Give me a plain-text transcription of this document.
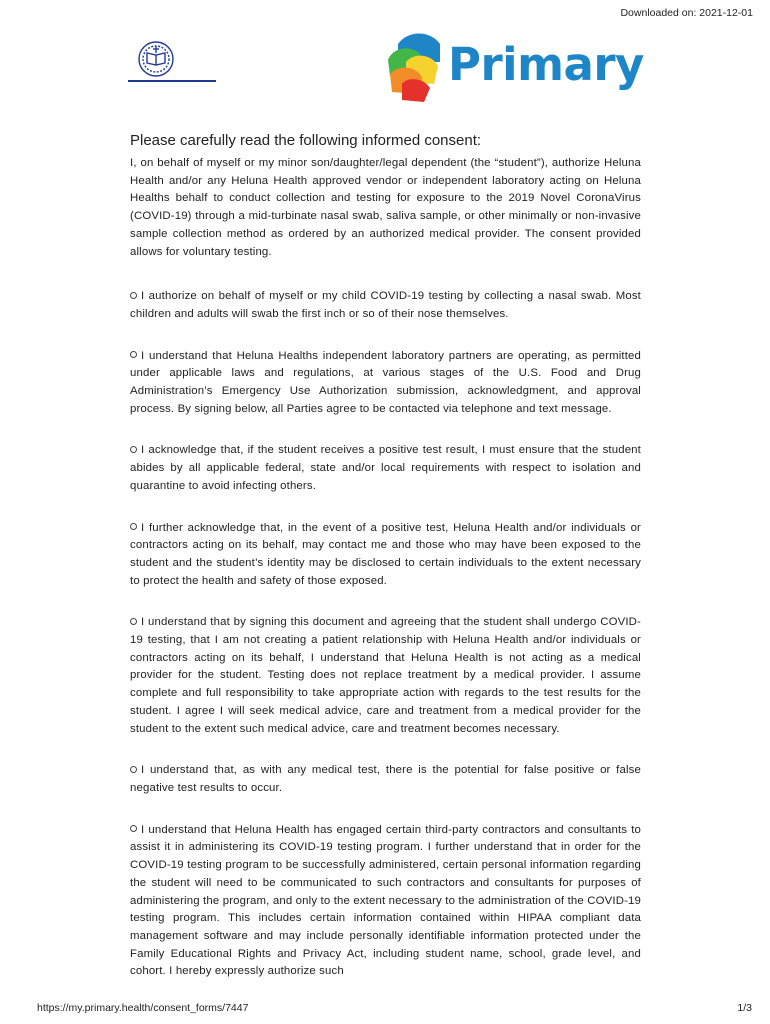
Downloaded on: 2021-12-01
Primary
Please carefully read the following informed consent:

I, on behalf of myself or my minor son/daughter/legal dependent (the “student”), authorize Heluna Health and/or any Heluna Health approved vendor or independent laboratory acting on Heluna Healths behalf to conduct collection and testing for exposure to the 2019 Novel CoronaVirus (COVID-19) through a mid-turbinate nasal swab, saliva sample, or other minimally or non-invasive sample collection method as ordered by an authorized medical provider. The consent provided allows for voluntary testing.

I authorize on behalf of myself or my child COVID-19 testing by collecting a nasal swab. Most children and adults will swab the first inch or so of their nose themselves.

I understand that Heluna Healths independent laboratory partners are operating, as permitted under applicable laws and regulations, at various stages of the U.S. Food and Drug Administration’s Emergency Use Authorization submission, acknowledgment, and approval process. By signing below, all Parties agree to be contacted via telephone and text message.

I acknowledge that, if the student receives a positive test result, I must ensure that the student abides by all applicable federal, state and/or local requirements with respect to isolation and quarantine to avoid infecting others.

I further acknowledge that, in the event of a positive test, Heluna Health and/or individuals or contractors acting on its behalf, may contact me and those who may have been exposed to the student and the student’s identity may be disclosed to certain individuals to the extent necessary to protect the health and safety of those exposed.

I understand that by signing this document and agreeing that the student shall undergo COVID-19 testing, that I am not creating a patient relationship with Heluna Health and/or individuals or contractors acting on its behalf, I understand that Heluna Health is not acting as a medical provider for the student. Testing does not replace treatment by a medical provider. I assume complete and full responsibility to take appropriate action with regards to the test results for the student. I agree I will seek medical advice, care and treatment from a medical provider for the student to the extent such medical advice, care and treatment becomes necessary.

I understand that, as with any medical test, there is the potential for false positive or false negative test results to occur.

I understand that Heluna Health has engaged certain third-party contractors and consultants to assist it in administering its COVID-19 testing program. I further understand that in order for the COVID-19 testing program to be successfully administered, certain personal information regarding the student will need to be communicated to such contractors and consultants for purposes of administering the program, and only to the extent necessary to the administration of the COVID-19 testing program. This includes certain information contained within HIPAA compliant data management software and may include personally identifiable information protected under the Family Educational Rights and Privacy Act, including student name, school, grade level, and cohort. I hereby expressly authorize such

https://my.primary.health/consent_forms/7447	1/3
